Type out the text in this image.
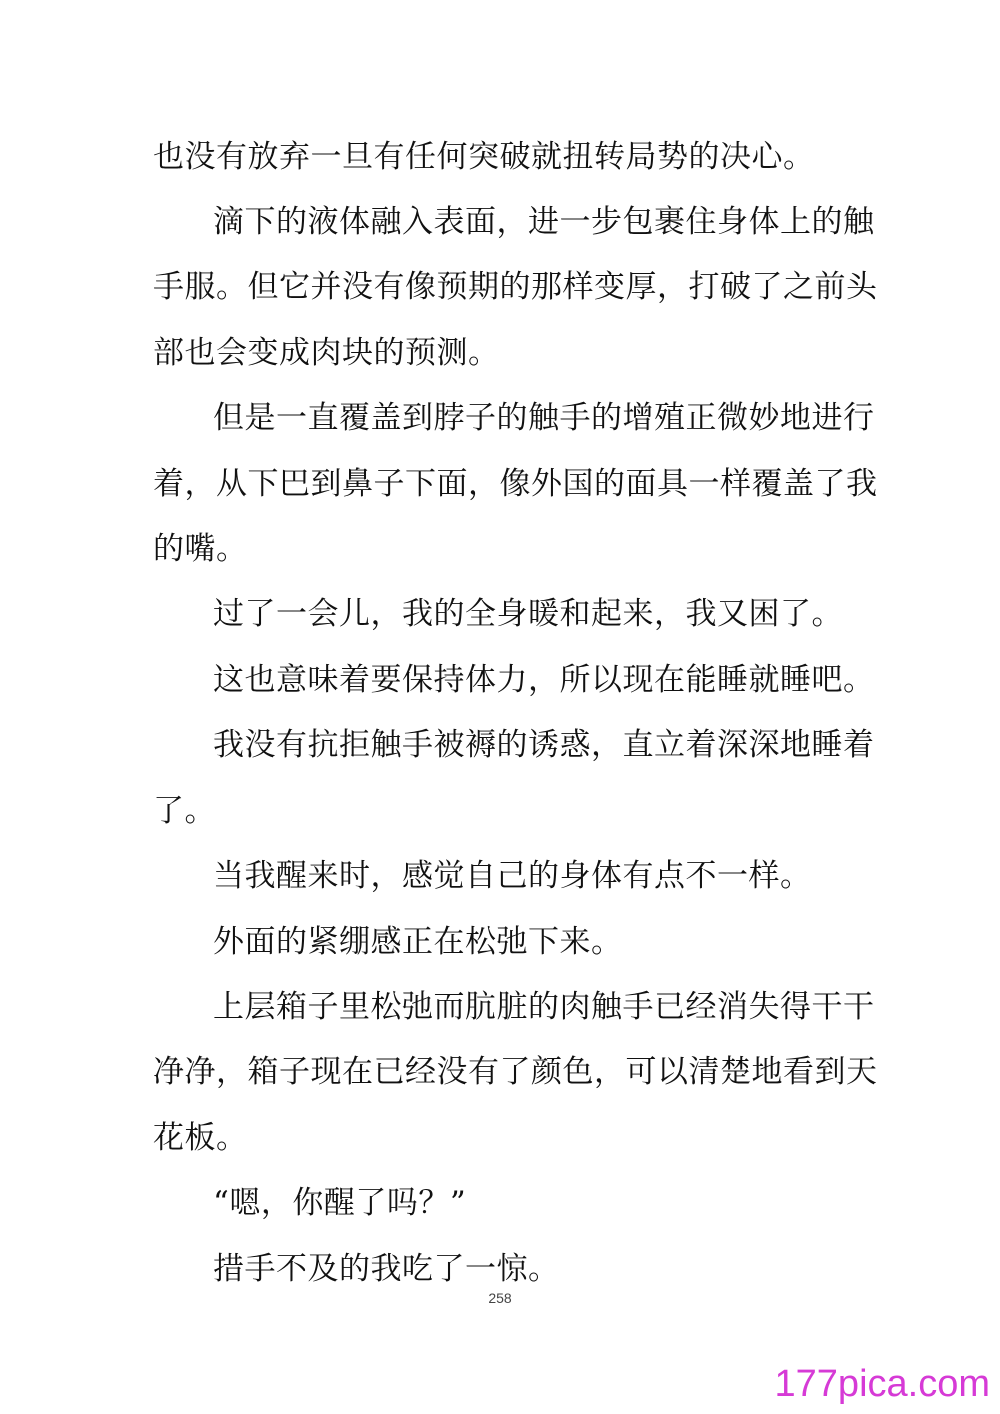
也没有放弃一旦有任何突破就扭转局势的决心。
滴下的液体融入表面，进一步包裹住身体上的触
手服。但它并没有像预期的那样变厚，打破了之前头
部也会变成肉块的预测。
但是一直覆盖到脖子的触手的增殖正微妙地进行
着，从下巴到鼻子下面，像外国的面具一样覆盖了我
的嘴。
过了一会儿，我的全身暖和起来，我又困了。
这也意味着要保持体力，所以现在能睡就睡吧。
我没有抗拒触手被褥的诱惑，直立着深深地睡着
了。
当我醒来时，感觉自己的身体有点不一样。
外面的紧绷感正在松弛下来。
上层箱子里松弛而肮脏的肉触手已经消失得干干
净净，箱子现在已经没有了颜色，可以清楚地看到天
花板。
“嗯，你醒了吗？”
措手不及的我吃了一惊。
258
177pica.com
